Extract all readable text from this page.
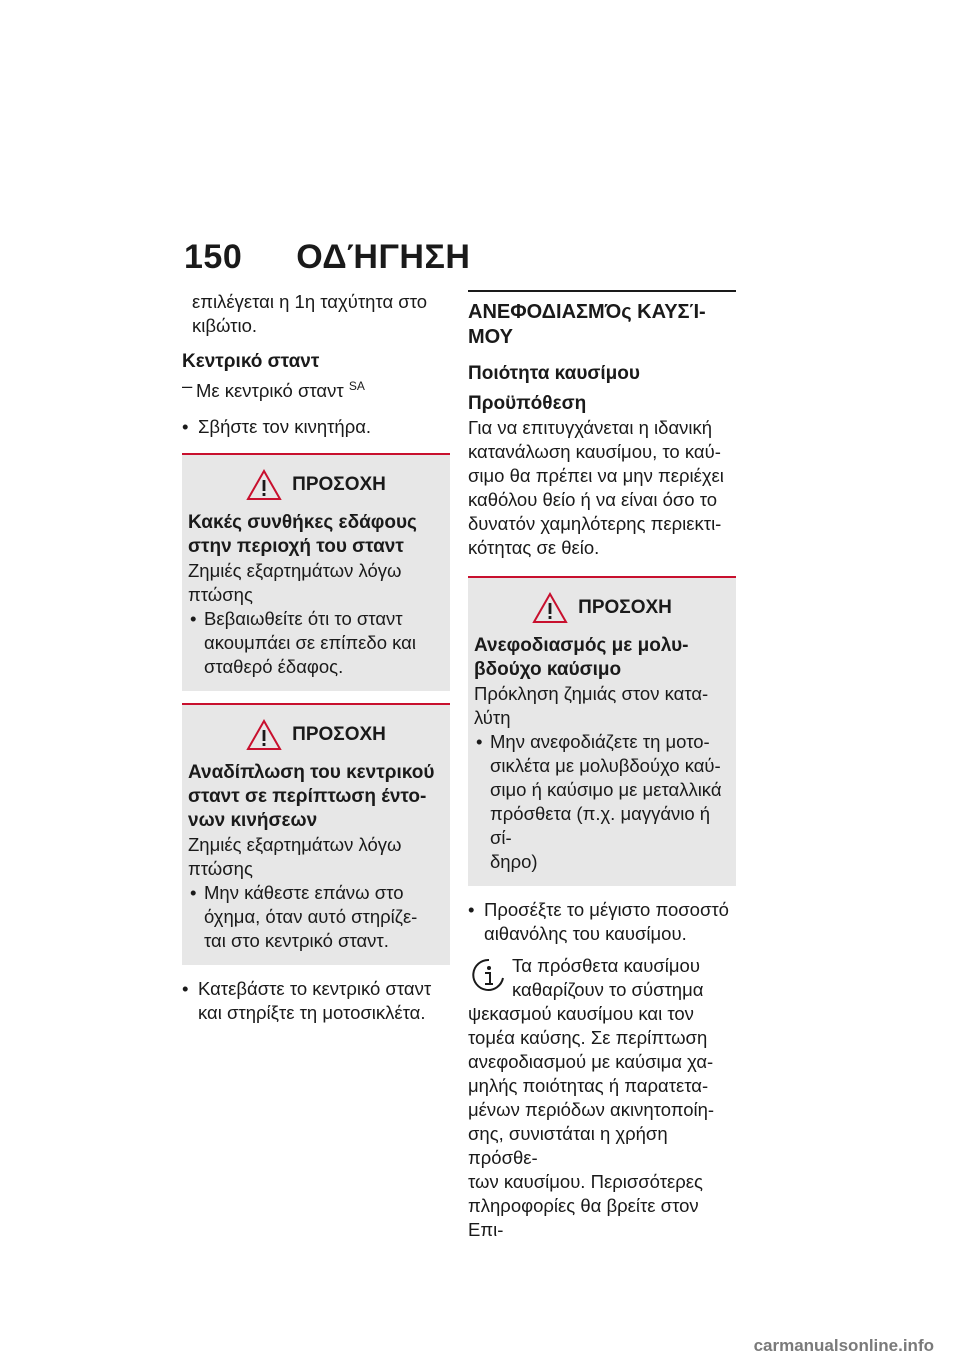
150 ΟΔΉΓΗΣΗ

επιλέγεται η 1η ταχύτητα στο

κιβώτιο.

Κεντρικό σταντ

– Με κεντρικό σταντ $^{SA}$

• Σβήστε τον κινητήρα.

ΠΡΟΣΟΧΗ

Κακές συνθήκες εδάφους

στην περιοχή του σταντ

Ζημιές εξαρτημάτων λόγω

πτώσης

• Βεβαιωθείτε ότι το σταντ

ακουμπάει σε επίπεδο και

σταθερό έδαφος.

ΠΡΟΣΟΧΗ

Αναδίπλωση του κεντρικού

σταντ σε περίπτωση έντο-

νων κινήσεων

Ζημιές εξαρτημάτων λόγω

πτώσης

• Μην κάθεστε επάνω στο

όχημα, όταν αυτό στηρίζε-

ται στο κεντρικό σταντ.

• Κατεβάστε το κεντρικό σταντ

και στηρίξτε τη μοτοσικλέτα.

ΑΝΕΦΟΔΙΑΣΜΌς ΚΑΥΣΊ-

ΜΟΥ

Ποιότητα καυσίμου

Προϋπόθεση

Για να επιτυγχάνεται η ιδανική

κατανάλωση καυσίμου, το καύ-

σιμο θα πρέπει να μην περιέχει

καθόλου θείο ή να είναι όσο το

δυνατόν χαμηλότερης περιεκτι-

κότητας σε θείο.

ΠΡΟΣΟΧΗ

Ανεφοδιασμός με μολυ-

βδούχο καύσιμο

Πρόκληση ζημιάς στον κατα-

λύτη

• Μην ανεφοδιάζετε τη μοτο-

σικλέτα με μολυβδούχο καύ-

σιμο ή καύσιμο με μεταλλικά

πρόσθετα (π.χ. μαγγάνιο ή σί-

δηρο)

• Προσέξτε το μέγιστο ποσοστό

αιθανόλης του καυσίμου.

Τα πρόσθετα καυσίμου

καθαρίζουν το σύστημα

ψεκασμού καυσίμου και τον

τομέα καύσης. Σε περίπτωση

ανεφοδιασμού με καύσιμα χα-

μηλής ποιότητας ή παρατετα-

μένων περιόδων ακινητοποίη-

σης, συνιστάται η χρήση πρόσθε-

των καυσίμου. Περισσότερες

πληροφορίες θα βρείτε στον Επι-

carmanualsonline.info
